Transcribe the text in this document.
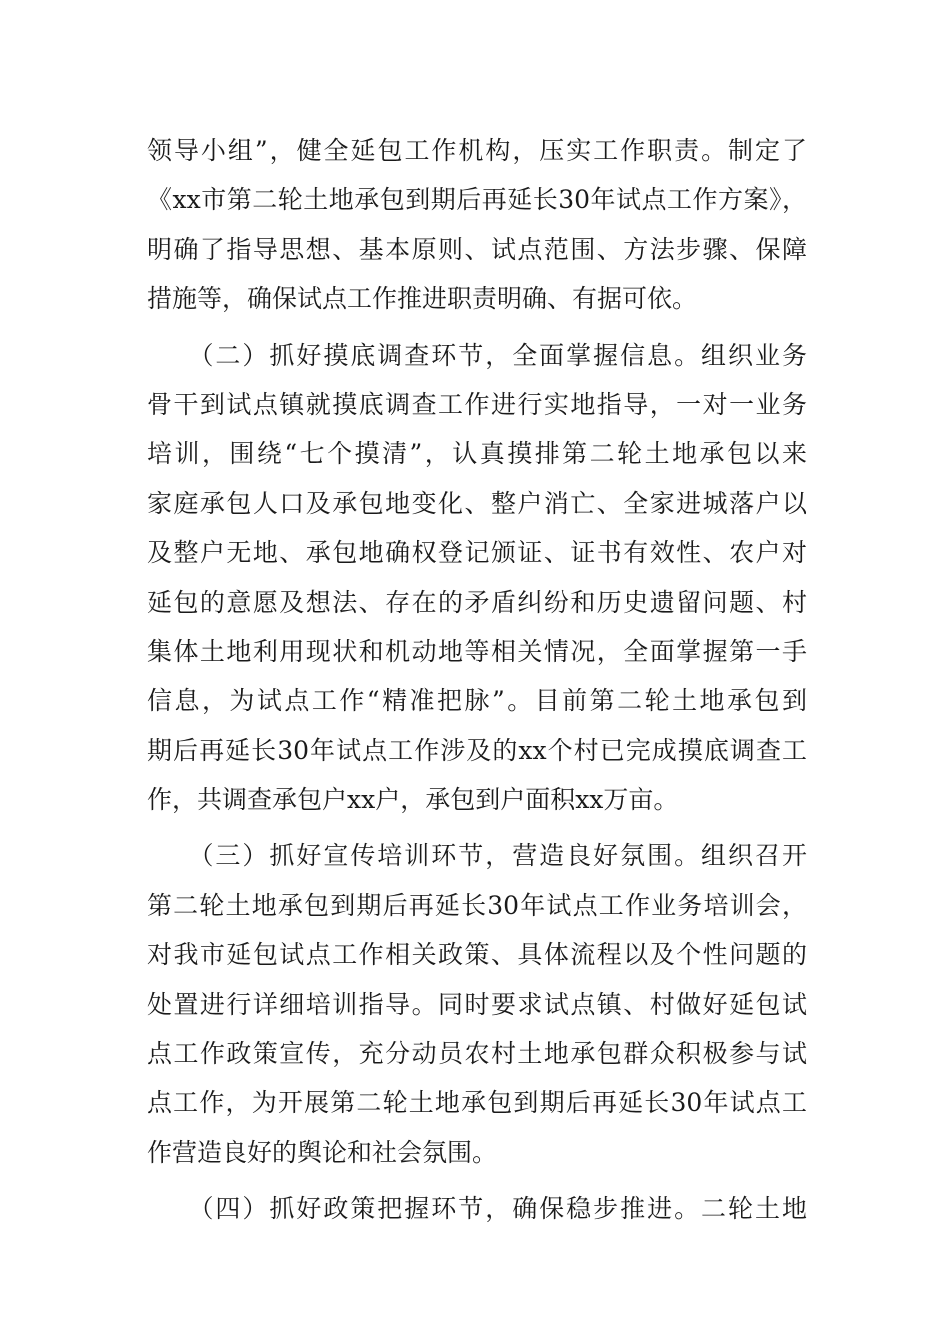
领导小组”，健全延包工作机构，压实工作职责。制定了
《xx市第二轮土地承包到期后再延长30年试点工作方案》，
明确了指导思想、基本原则、试点范围、方法步骤、保障
措施等，确保试点工作推进职责明确、有据可依。
　　（二）抓好摸底调查环节，全面掌握信息。组织业务
骨干到试点镇就摸底调查工作进行实地指导，一对一业务
培训，围绕“七个摸清”，认真摸排第二轮土地承包以来
家庭承包人口及承包地变化、整户消亡、全家进城落户以
及整户无地、承包地确权登记颁证、证书有效性、农户对
延包的意愿及想法、存在的矛盾纠纷和历史遗留问题、村
集体土地利用现状和机动地等相关情况，全面掌握第一手
信息，为试点工作“精准把脉”。目前第二轮土地承包到
期后再延长30年试点工作涉及的xx个村已完成摸底调查工
作，共调查承包户xx户，承包到户面积xx万亩。
　　（三）抓好宣传培训环节，营造良好氛围。组织召开
第二轮土地承包到期后再延长30年试点工作业务培训会，
对我市延包试点工作相关政策、具体流程以及个性问题的
处置进行详细培训指导。同时要求试点镇、村做好延包试
点工作政策宣传，充分动员农村土地承包群众积极参与试
点工作，为开展第二轮土地承包到期后再延长30年试点工
作营造良好的舆论和社会氛围。
　　（四）抓好政策把握环节，确保稳步推进。二轮土地
